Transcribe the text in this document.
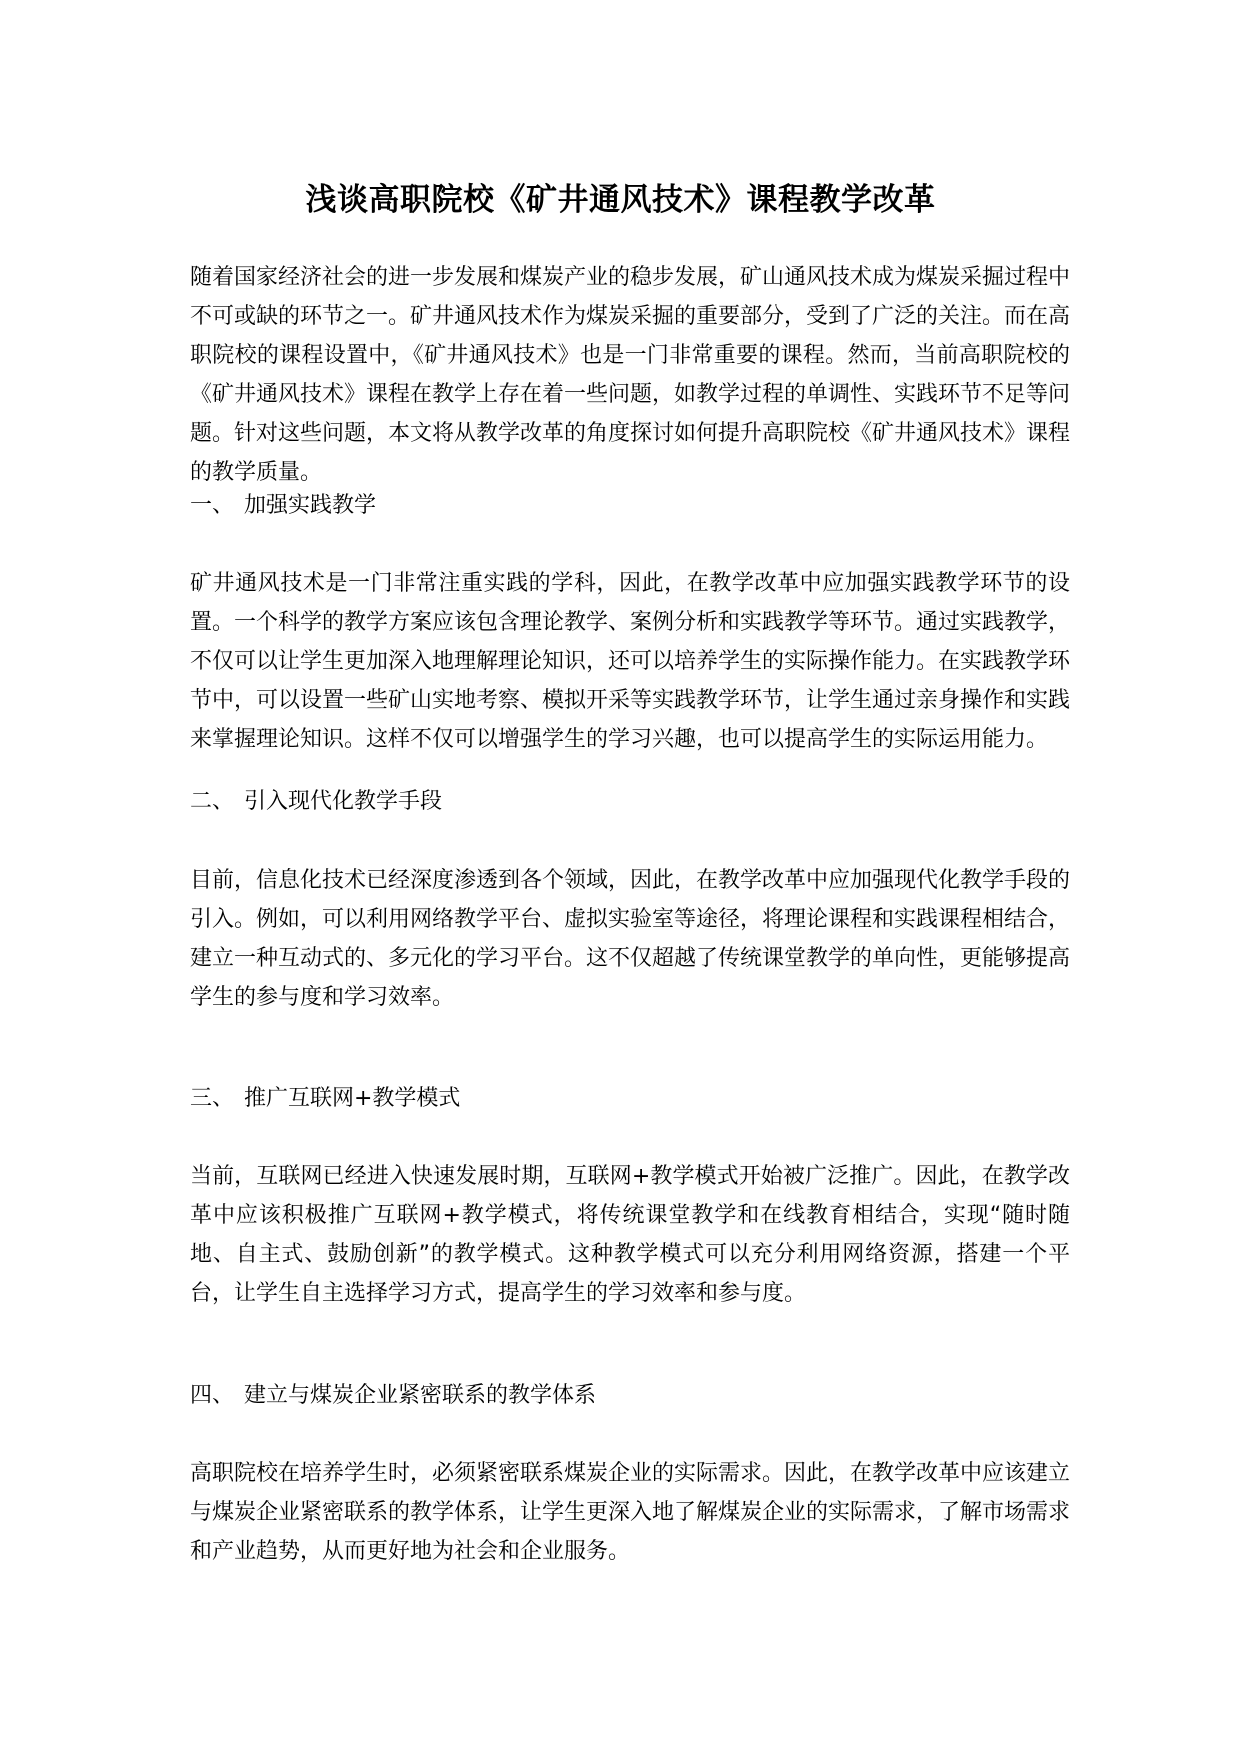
浅谈高职院校《矿井通风技术》课程教学改革

随着国家经济社会的进一步发展和煤炭产业的稳步发展，矿山通风技术成为煤炭采掘过程中不可或缺的环节之一。矿井通风技术作为煤炭采掘的重要部分，受到了广泛的关注。而在高职院校的课程设置中，《矿井通风技术》也是一门非常重要的课程。然而，当前高职院校的《矿井通风技术》课程在教学上存在着一些问题，如教学过程的单调性、实践环节不足等问题。针对这些问题，本文将从教学改革的角度探讨如何提升高职院校《矿井通风技术》课程的教学质量。

一、 加强实践教学

矿井通风技术是一门非常注重实践的学科，因此，在教学改革中应加强实践教学环节的设置。一个科学的教学方案应该包含理论教学、案例分析和实践教学等环节。通过实践教学，不仅可以让学生更加深入地理解理论知识，还可以培养学生的实际操作能力。在实践教学环节中，可以设置一些矿山实地考察、模拟开采等实践教学环节，让学生通过亲身操作和实践来掌握理论知识。这样不仅可以增强学生的学习兴趣，也可以提高学生的实际运用能力。

二、 引入现代化教学手段

目前，信息化技术已经深度渗透到各个领域，因此，在教学改革中应加强现代化教学手段的引入。例如，可以利用网络教学平台、虚拟实验室等途径，将理论课程和实践课程相结合，建立一种互动式的、多元化的学习平台。这不仅超越了传统课堂教学的单向性，更能够提高学生的参与度和学习效率。

三、 推广互联网+教学模式

当前，互联网已经进入快速发展时期，互联网+教学模式开始被广泛推广。因此，在教学改革中应该积极推广互联网+教学模式，将传统课堂教学和在线教育相结合，实现“随时随地、自主式、鼓励创新”的教学模式。这种教学模式可以充分利用网络资源，搭建一个平台，让学生自主选择学习方式，提高学生的学习效率和参与度。

四、 建立与煤炭企业紧密联系的教学体系

高职院校在培养学生时，必须紧密联系煤炭企业的实际需求。因此，在教学改革中应该建立与煤炭企业紧密联系的教学体系，让学生更深入地了解煤炭企业的实际需求，了解市场需求和产业趋势，从而更好地为社会和企业服务。
